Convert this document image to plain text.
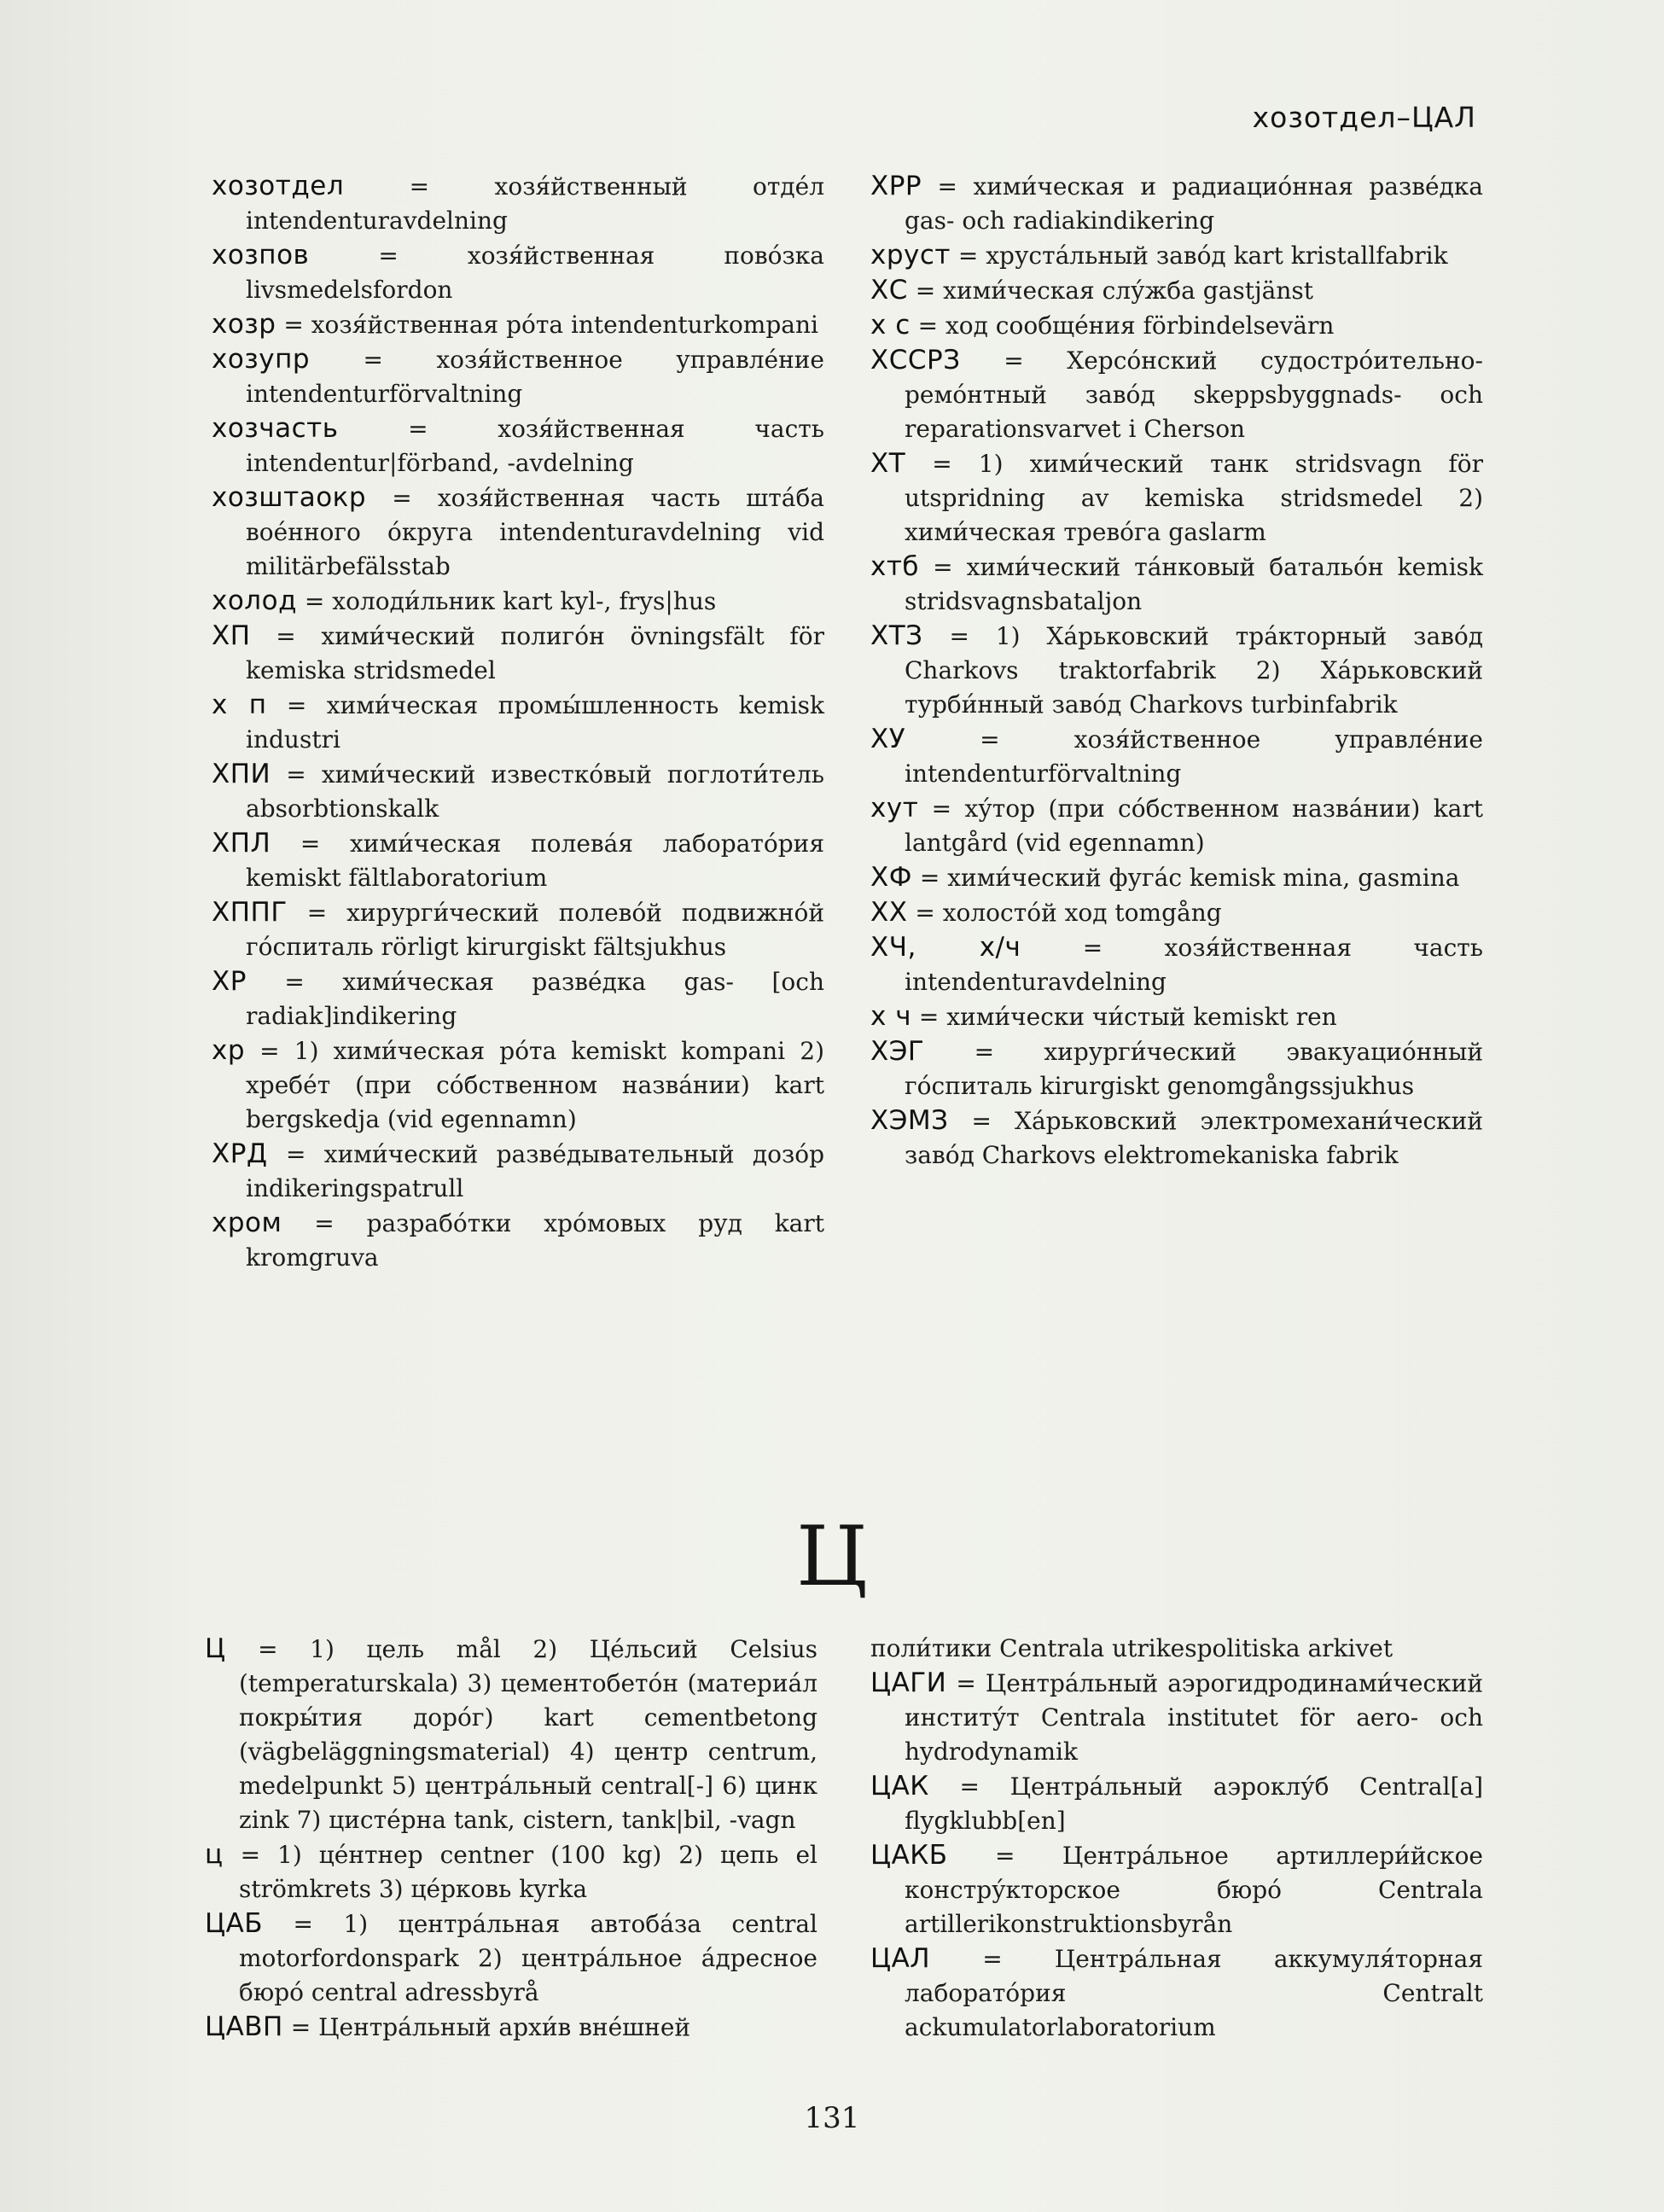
хозотдел–ЦАЛ

хозотдел = хозя́йственный отде́л intendenturavdelning

хозпов = хозя́йственная пово́зка livsmedelsfordon

хозр = хозя́йственная ро́та intendenturkompani

хозупр = хозя́йственное управле́ние intendenturförvaltning

хозчасть = хозя́йственная часть intendentur|förband, -avdelning

хозштаокр = хозя́йственная часть шта́ба вое́нного о́круга intendenturavdelning vid militärbefälsstab

холод = холоди́льник kart kyl-, frys|hus

ХП = хими́ческий полиго́н övningsfält för kemiska stridsmedel

х п = хими́ческая промы́шленность kemisk industri

ХПИ = хими́ческий известко́вый поглоти́тель absorbtionskalk

ХПЛ = хими́ческая полева́я лаборато́рия kemiskt fältlaboratorium

ХППГ = хирурги́ческий полево́й подвижно́й го́спиталь rörligt kirurgiskt fältsjukhus

ХР = хими́ческая разве́дка gas- [och radiak]indikering

хр = 1) хими́ческая ро́та kemiskt kompani 2) хребе́т (при со́бственном назва́нии) kart bergskedja (vid egennamn)

ХРД = хими́ческий разве́дывательный дозо́р indikeringspatrull

хром = разрабо́тки хро́мовых руд kart kromgruva

ХРР = хими́ческая и радиацио́нная разве́дка gas- och radiakindikering

хруст = хруста́льный заво́д kart kristallfabrik

ХС = хими́ческая слу́жба gastjänst

х с = ход сообще́ния förbindelsevärn

ХССРЗ = Херсо́нский судостро́ительно-ремо́нтный заво́д skeppsbyggnads- och reparationsvarvet i Cherson

ХТ = 1) хими́ческий танк stridsvagn för utspridning av kemiska stridsmedel 2) хими́ческая трево́га gaslarm

хтб = хими́ческий та́нковый батальо́н kemisk stridsvagnsbataljon

ХТЗ = 1) Ха́рьковский тра́кторный заво́д Charkovs traktorfabrik 2) Ха́рьковский турби́нный заво́д Charkovs turbinfabrik

ХУ = хозя́йственное управле́ние intendenturförvaltning

хут = ху́тор (при со́бственном назва́нии) kart lantgård (vid egennamn)

ХФ = хими́ческий фуга́с kemisk mina, gasmina

ХХ = холосто́й ход tomgång

ХЧ, х/ч = хозя́йственная часть intendenturavdelning

х ч = хими́чески чи́стый kemiskt ren

ХЭГ = хирурги́ческий эвакуацио́нный го́спиталь kirurgiskt genomgångssjukhus

ХЭМЗ = Ха́рьковский электромехани́ческий заво́д Charkovs elektromekaniska fabrik

Ц

Ц = 1) цель mål 2) Це́льсий Celsius (temperaturskala) 3) цементобето́н (материа́л покры́тия доро́г) kart cementbetong (vägbeläggningsmaterial) 4) центр centrum, medelpunkt 5) центра́льный central[-] 6) цинк zink 7) цисте́рна tank, cistern, tank|bil, -vagn

ц = 1) це́нтнер centner (100 kg) 2) цепь el strömkrets 3) це́рковь kyrka

ЦАБ = 1) центра́льная автоба́за central motorfordonspark 2) центра́льное а́дресное бюро́ central adressbyrå

ЦАВП = Центра́льный архи́в вне́шней

поли́тики Centrala utrikespolitiska arkivet

ЦАГИ = Центра́льный аэрогидродинами́ческий институ́т Centrala institutet för aero- och hydrodynamik

ЦАК = Центра́льный аэроклу́б Central[a] flygklubb[en]

ЦАКБ = Центра́льное артиллери́йское констру́кторское бюро́ Centrala artillerikonstruktionsbyrån

ЦАЛ = Центра́льная аккумуля́торная лаборато́рия Centralt ackumulatorlaboratorium

131
